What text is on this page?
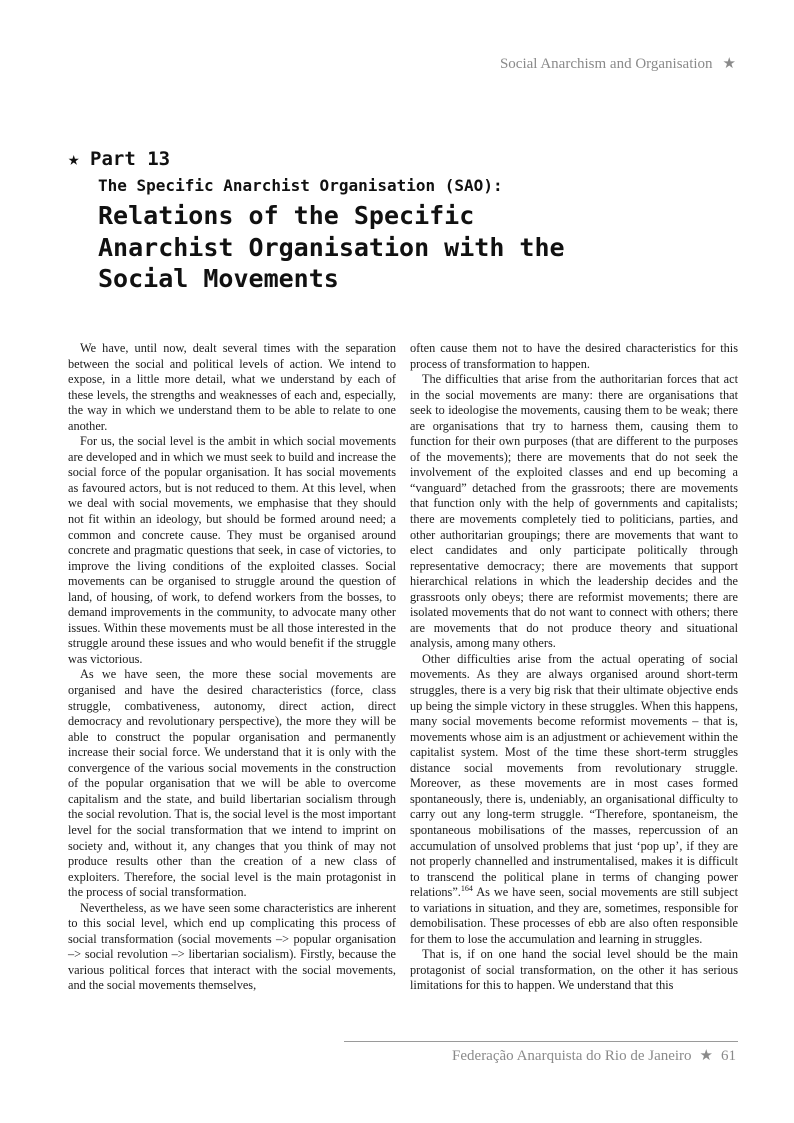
Social Anarchism and Organisation ★
★ Part 13
The Specific Anarchist Organisation (SAO):
Relations of the Specific
Anarchist Organisation with the
Social Movements

We have, until now, dealt several times with the separation between the social and political levels of action. We intend to expose, in a little more detail, what we understand by each of these levels, the strengths and weaknesses of each and, especially, the way in which we understand them to be able to relate to one another.

For us, the social level is the ambit in which social movements are developed and in which we must seek to build and increase the social force of the popular organisation. It has social movements as favoured actors, but is not reduced to them. At this level, when we deal with social movements, we emphasise that they should not fit within an ideology, but should be formed around need; a common and concrete cause. They must be organised around concrete and pragmatic questions that seek, in case of victories, to improve the living conditions of the exploited classes. Social movements can be organised to struggle around the question of land, of housing, of work, to defend workers from the bosses, to demand improvements in the community, to advocate many other issues. Within these movements must be all those interested in the struggle around these issues and who would benefit if the struggle was victorious.

As we have seen, the more these social movements are organised and have the desired characteristics (force, class struggle, combativeness, autonomy, direct action, direct democracy and revolutionary perspective), the more they will be able to construct the popular organisation and permanently increase their social force. We understand that it is only with the convergence of the various social movements in the construction of the popular organisation that we will be able to overcome capitalism and the state, and build libertarian socialism through the social revolution. That is, the social level is the most important level for the social transformation that we intend to imprint on society and, without it, any changes that you think of may not produce results other than the creation of a new class of exploiters. Therefore, the social level is the main protagonist in the process of social transformation.

Nevertheless, as we have seen some characteristics are inherent to this social level, which end up complicating this process of social transformation (social movements –> popular organisation –> social revolution –> libertarian socialism). Firstly, because the various political forces that interact with the social movements, and the social movements themselves,

often cause them not to have the desired characteristics for this process of transformation to happen.

The difficulties that arise from the authoritarian forces that act in the social movements are many: there are organisations that seek to ideologise the movements, causing them to be weak; there are organisations that try to harness them, causing them to function for their own purposes (that are different to the purposes of the movements); there are movements that do not seek the involvement of the exploited classes and end up becoming a “vanguard” detached from the grassroots; there are movements that function only with the help of governments and capitalists; there are movements completely tied to politicians, parties, and other authoritarian groupings; there are movements that want to elect candidates and only participate politically through representative democracy; there are movements that support hierarchical relations in which the leadership decides and the grassroots only obeys; there are reformist movements; there are isolated movements that do not want to connect with others; there are movements that do not produce theory and situational analysis, among many others.

Other difficulties arise from the actual operating of social movements. As they are always organised around short-term struggles, there is a very big risk that their ultimate objective ends up being the simple victory in these struggles. When this happens, many social movements become reformist movements – that is, movements whose aim is an adjustment or achievement within the capitalist system. Most of the time these short-term struggles distance social movements from revolutionary struggle. Moreover, as these movements are in most cases formed spontaneously, there is, undeniably, an organisational difficulty to carry out any long-term struggle. “Therefore, spontaneism, the spontaneous mobilisations of the masses, repercussion of an accumulation of unsolved problems that just ‘pop up’, if they are not properly channelled and instrumentalised, makes it is difficult to transcend the political plane in terms of changing power relations”.$^{164}$ As we have seen, social movements are still subject to variations in situation, and they are, sometimes, responsible for demobilisation. These processes of ebb are also often responsible for them to lose the accumulation and learning in struggles.

That is, if on one hand the social level should be the main protagonist of social transformation, on the other it has serious limitations for this to happen. We understand that this

Federação Anarquista do Rio de Janeiro ★ 61
